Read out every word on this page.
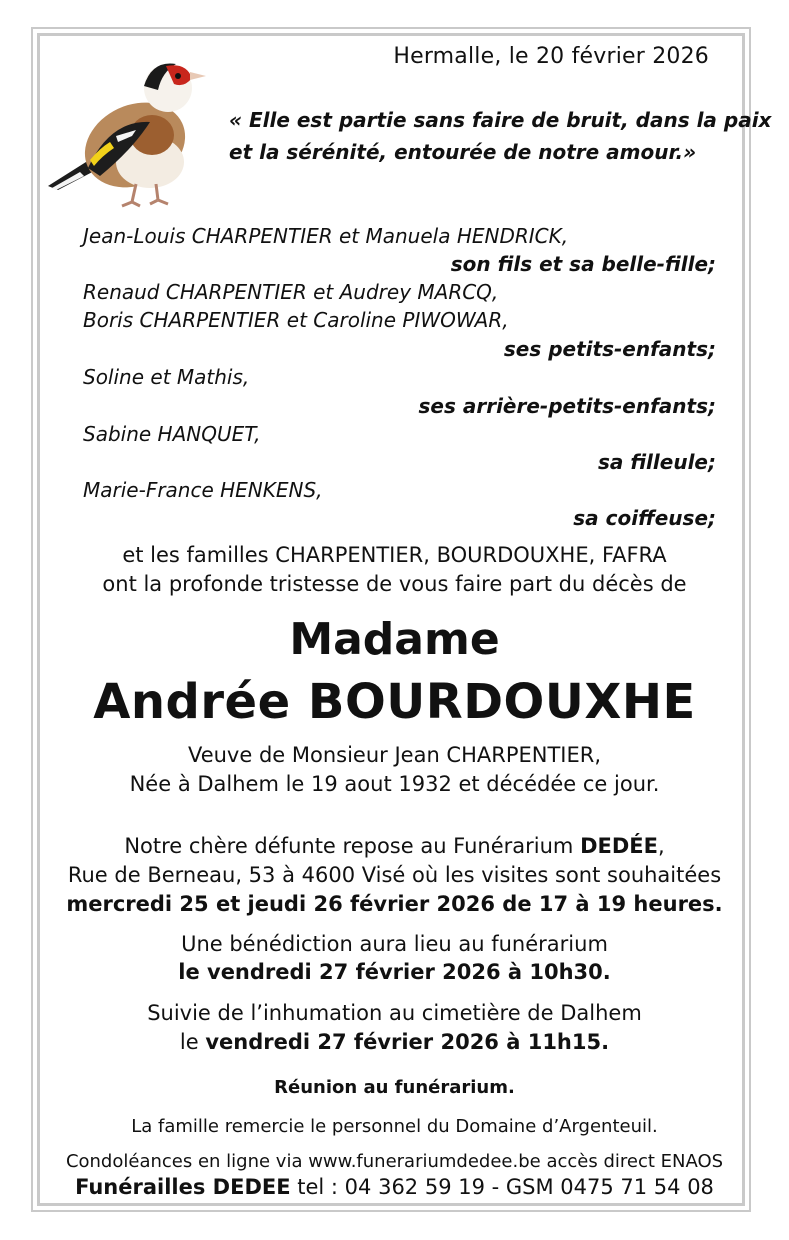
Hermalle, le 20 février 2026
« Elle est partie sans faire de bruit, dans la paix
et la sérénité, entourée de notre amour.»
Jean-Louis CHARPENTIER et Manuela HENDRICK,
son fils et sa belle-fille;
Renaud CHARPENTIER et Audrey MARCQ,
Boris CHARPENTIER et Caroline PIWOWAR,
ses petits-enfants;
Soline et Mathis,
ses arrière-petits-enfants;
Sabine HANQUET,
sa filleule;
Marie-France HENKENS,
sa coiffeuse;
et les familles CHARPENTIER, BOURDOUXHE, FAFRA
ont la profonde tristesse de vous faire part du décès de
Madame
Andrée BOURDOUXHE
Veuve de Monsieur Jean CHARPENTIER,
Née à Dalhem le 19 aout 1932 et décédée ce jour.
Notre chère défunte repose au Funérarium DEDÉE,
Rue de Berneau, 53 à 4600 Visé où les visites sont souhaitées
mercredi 25 et jeudi 26 février 2026 de 17 à 19 heures.
Une bénédiction aura lieu au funérarium
le vendredi 27 février 2026 à 10h30.
Suivie de l’inhumation au cimetière de Dalhem
le vendredi 27 février 2026 à 11h15.
Réunion au funérarium.
La famille remercie le personnel du Domaine d’Argenteuil.
Condoléances en ligne via www.funerariumdedee.be accès direct ENAOS
Funérailles DEDEE tel : 04 362 59 19 - GSM 0475 71 54 08
